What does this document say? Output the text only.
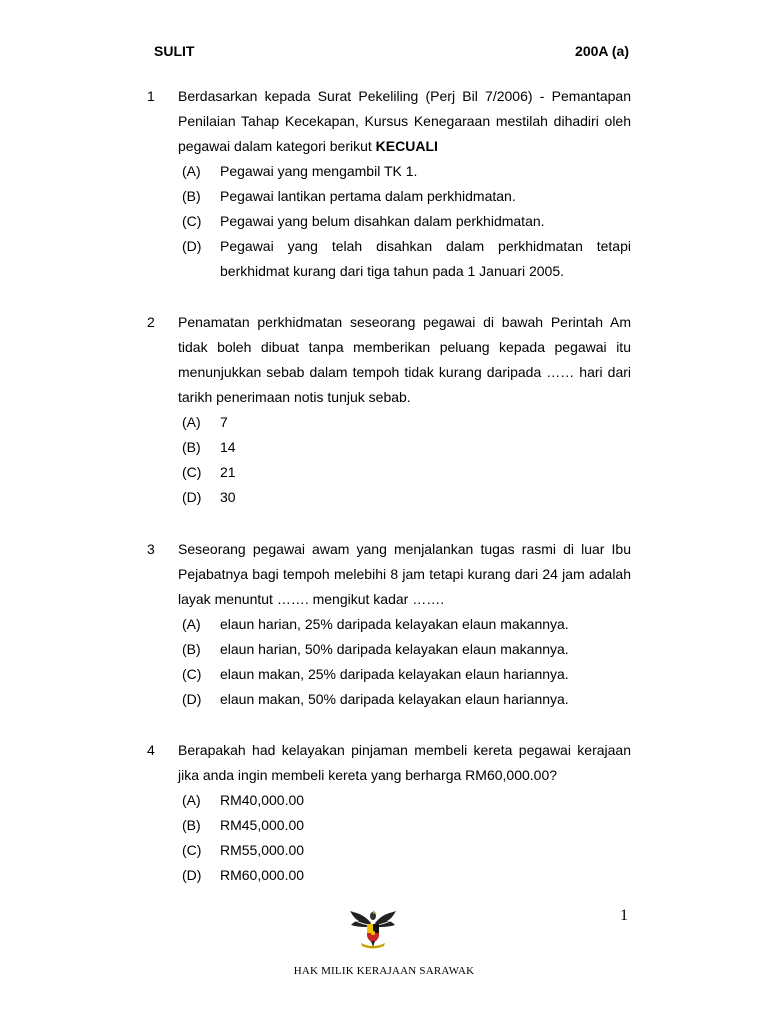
SULIT	200A (a)
1 Berdasarkan kepada Surat Pekeliling (Perj Bil 7/2006) - Pemantapan Penilaian Tahap Kecekapan, Kursus Kenegaraan mestilah dihadiri oleh pegawai dalam kategori berikut KECUALI
(A) Pegawai yang mengambil TK 1.
(B) Pegawai lantikan pertama dalam perkhidmatan.
(C) Pegawai yang belum disahkan dalam perkhidmatan.
(D) Pegawai yang telah disahkan dalam perkhidmatan tetapi berkhidmat kurang dari tiga tahun pada 1 Januari 2005.
2 Penamatan perkhidmatan seseorang pegawai di bawah Perintah Am tidak boleh dibuat tanpa memberikan peluang kepada pegawai itu menunjukkan sebab dalam tempoh tidak kurang daripada …… hari dari tarikh penerimaan notis tunjuk sebab.
(A) 7
(B) 14
(C) 21
(D) 30
3 Seseorang pegawai awam yang menjalankan tugas rasmi di luar Ibu Pejabatnya bagi tempoh melebihi 8 jam tetapi kurang dari 24 jam adalah layak menuntut ……. mengikut kadar …….
(A) elaun harian, 25% daripada kelayakan elaun makannya.
(B) elaun harian, 50% daripada kelayakan elaun makannya.
(C) elaun makan, 25% daripada kelayakan elaun hariannya.
(D) elaun makan, 50% daripada kelayakan elaun hariannya.
4 Berapakah had kelayakan pinjaman membeli kereta pegawai kerajaan jika anda ingin membeli kereta yang berharga RM60,000.00?
(A) RM40,000.00
(B) RM45,000.00
(C) RM55,000.00
(D) RM60,000.00
1
HAK MILIK KERAJAAN SARAWAK
